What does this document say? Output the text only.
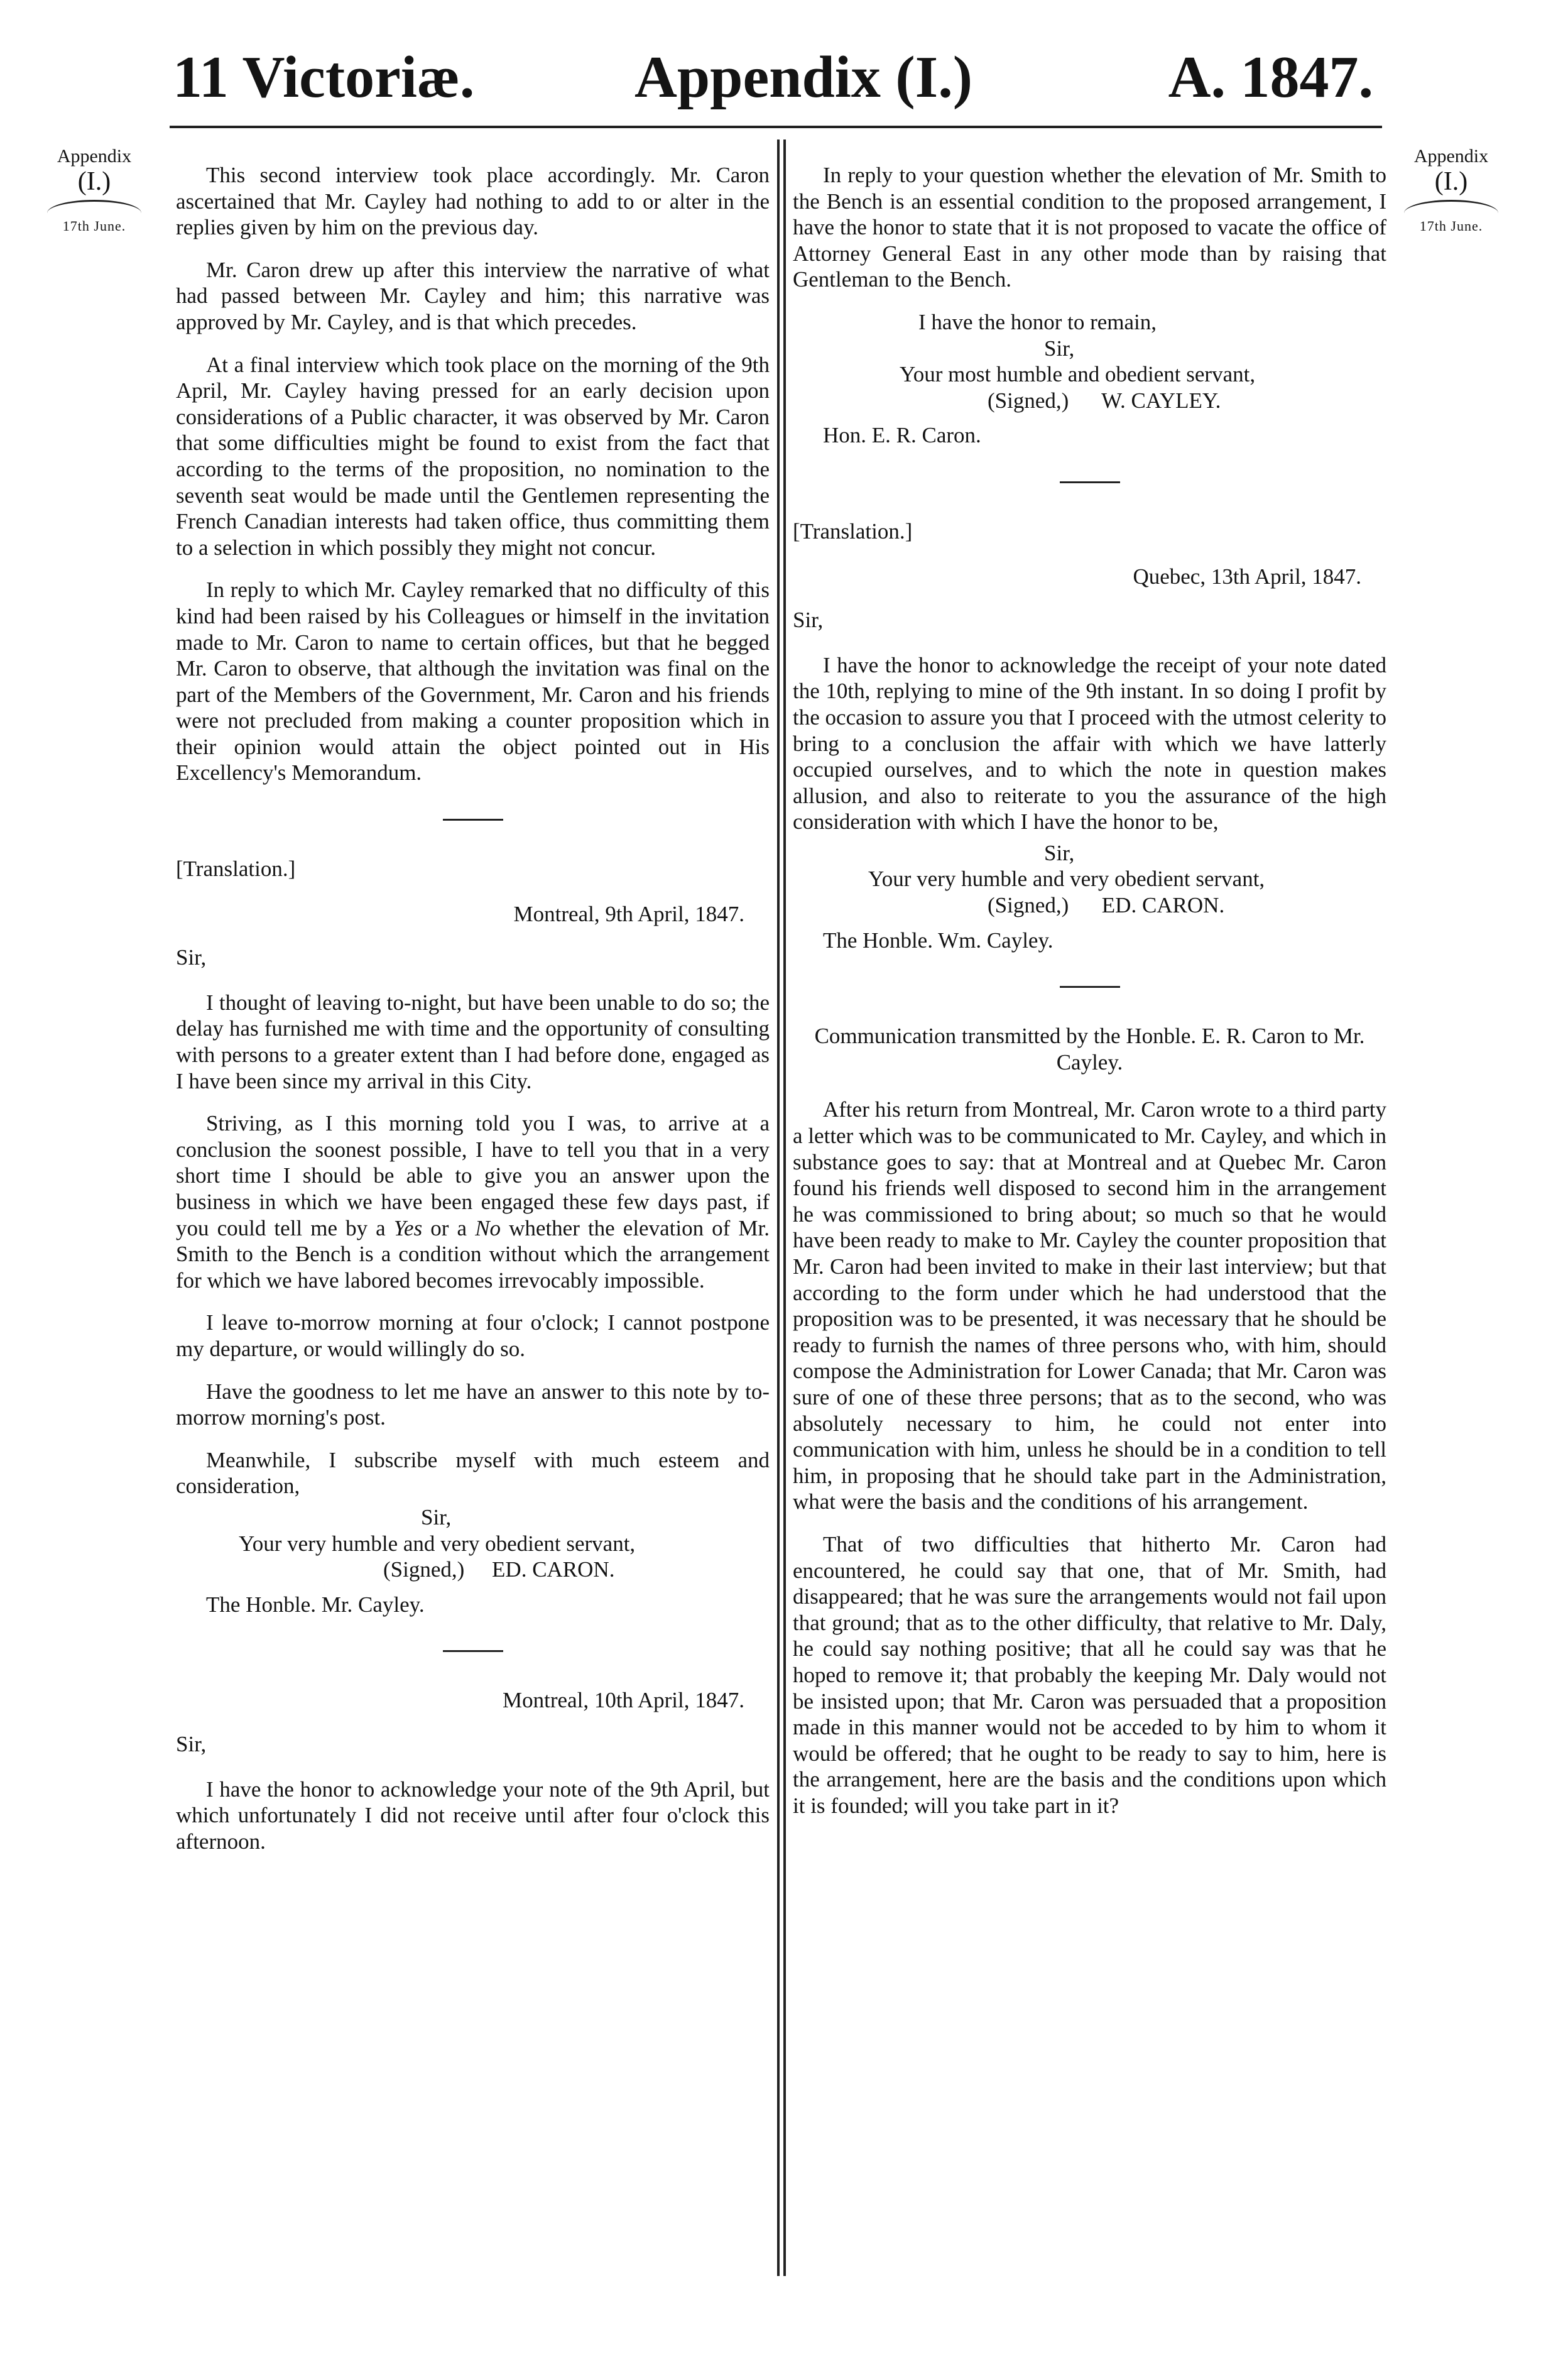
11 Victoriæ.	Appendix (I.)	A. 1847.
Appendix
(I.)
17th June.
Appendix
(I.)
17th June.

This second interview took place accordingly. Mr. Caron ascertained that Mr. Cayley had nothing to add to or alter in the replies given by him on the previous day.

Mr. Caron drew up after this interview the narrative of what had passed between Mr. Cayley and him; this narrative was approved by Mr. Cayley, and is that which precedes.

At a final interview which took place on the morning of the 9th April, Mr. Cayley having pressed for an early decision upon considerations of a Public character, it was observed by Mr. Caron that some difficulties might be found to exist from the fact that according to the terms of the proposition, no nomination to the seventh seat would be made until the Gentlemen representing the French Canadian interests had taken office, thus committing them to a selection in which possibly they might not concur.

In reply to which Mr. Cayley remarked that no difficulty of this kind had been raised by his Colleagues or himself in the invitation made to Mr. Caron to name to certain offices, but that he begged Mr. Caron to observe, that although the invitation was final on the part of the Members of the Government, Mr. Caron and his friends were not precluded from making a counter proposition which in their opinion would attain the object pointed out in His Excellency's Memorandum.

[Translation.]

Montreal, 9th April, 1847.

Sir,

I thought of leaving to-night, but have been unable to do so; the delay has furnished me with time and the opportunity of consulting with persons to a greater extent than I had before done, engaged as I have been since my arrival in this City.

Striving, as I this morning told you I was, to arrive at a conclusion the soonest possible, I have to tell you that in a very short time I should be able to give you an answer upon the business in which we have been engaged these few days past, if you could tell me by a Yes or a No whether the elevation of Mr. Smith to the Bench is a condition without which the arrangement for which we have labored becomes irrevocably impossible.

I leave to-morrow morning at four o'clock; I cannot postpone my departure, or would willingly do so.

Have the goodness to let me have an answer to this note by to-morrow morning's post.

Meanwhile, I subscribe myself with much esteem and consideration,

Sir,
Your very humble and very obedient servant,
(Signed,)     ED. CARON.

The Honble. Mr. Cayley.

Montreal, 10th April, 1847.

Sir,

I have the honor to acknowledge your note of the 9th April, but which unfortunately I did not receive until after four o'clock this afternoon.

In reply to your question whether the elevation of Mr. Smith to the Bench is an essential condition to the proposed arrangement, I have the honor to state that it is not proposed to vacate the office of Attorney General East in any other mode than by raising that Gentleman to the Bench.

I have the honor to remain,
Sir,
Your most humble and obedient servant,
(Signed,)      W. CAYLEY.

Hon. E. R. Caron.

[Translation.]

Quebec, 13th April, 1847.

Sir,

I have the honor to acknowledge the receipt of your note dated the 10th, replying to mine of the 9th instant. In so doing I profit by the occasion to assure you that I proceed with the utmost celerity to bring to a conclusion the affair with which we have latterly occupied ourselves, and to which the note in question makes allusion, and also to reiterate to you the assurance of the high consideration with which I have the honor to be,

Sir,
Your very humble and very obedient servant,
(Signed,)      ED. CARON.

The Honble. Wm. Cayley.

Communication transmitted by the Honble. E. R. Caron to Mr. Cayley.

After his return from Montreal, Mr. Caron wrote to a third party a letter which was to be communicated to Mr. Cayley, and which in substance goes to say: that at Montreal and at Quebec Mr. Caron found his friends well disposed to second him in the arrangement he was commissioned to bring about; so much so that he would have been ready to make to Mr. Cayley the counter proposition that Mr. Caron had been invited to make in their last interview; but that according to the form under which he had understood that the proposition was to be presented, it was necessary that he should be ready to furnish the names of three persons who, with him, should compose the Administration for Lower Canada; that Mr. Caron was sure of one of these three persons; that as to the second, who was absolutely necessary to him, he could not enter into communication with him, unless he should be in a condition to tell him, in proposing that he should take part in the Administration, what were the basis and the conditions of his arrangement.

That of two difficulties that hitherto Mr. Caron had encountered, he could say that one, that of Mr. Smith, had disappeared; that he was sure the arrangements would not fail upon that ground; that as to the other difficulty, that relative to Mr. Daly, he could say nothing positive; that all he could say was that he hoped to remove it; that probably the keeping Mr. Daly would not be insisted upon; that Mr. Caron was persuaded that a proposition made in this manner would not be acceded to by him to whom it would be offered; that he ought to be ready to say to him, here is the arrangement, here are the basis and the conditions upon which it is founded; will you take part in it?
